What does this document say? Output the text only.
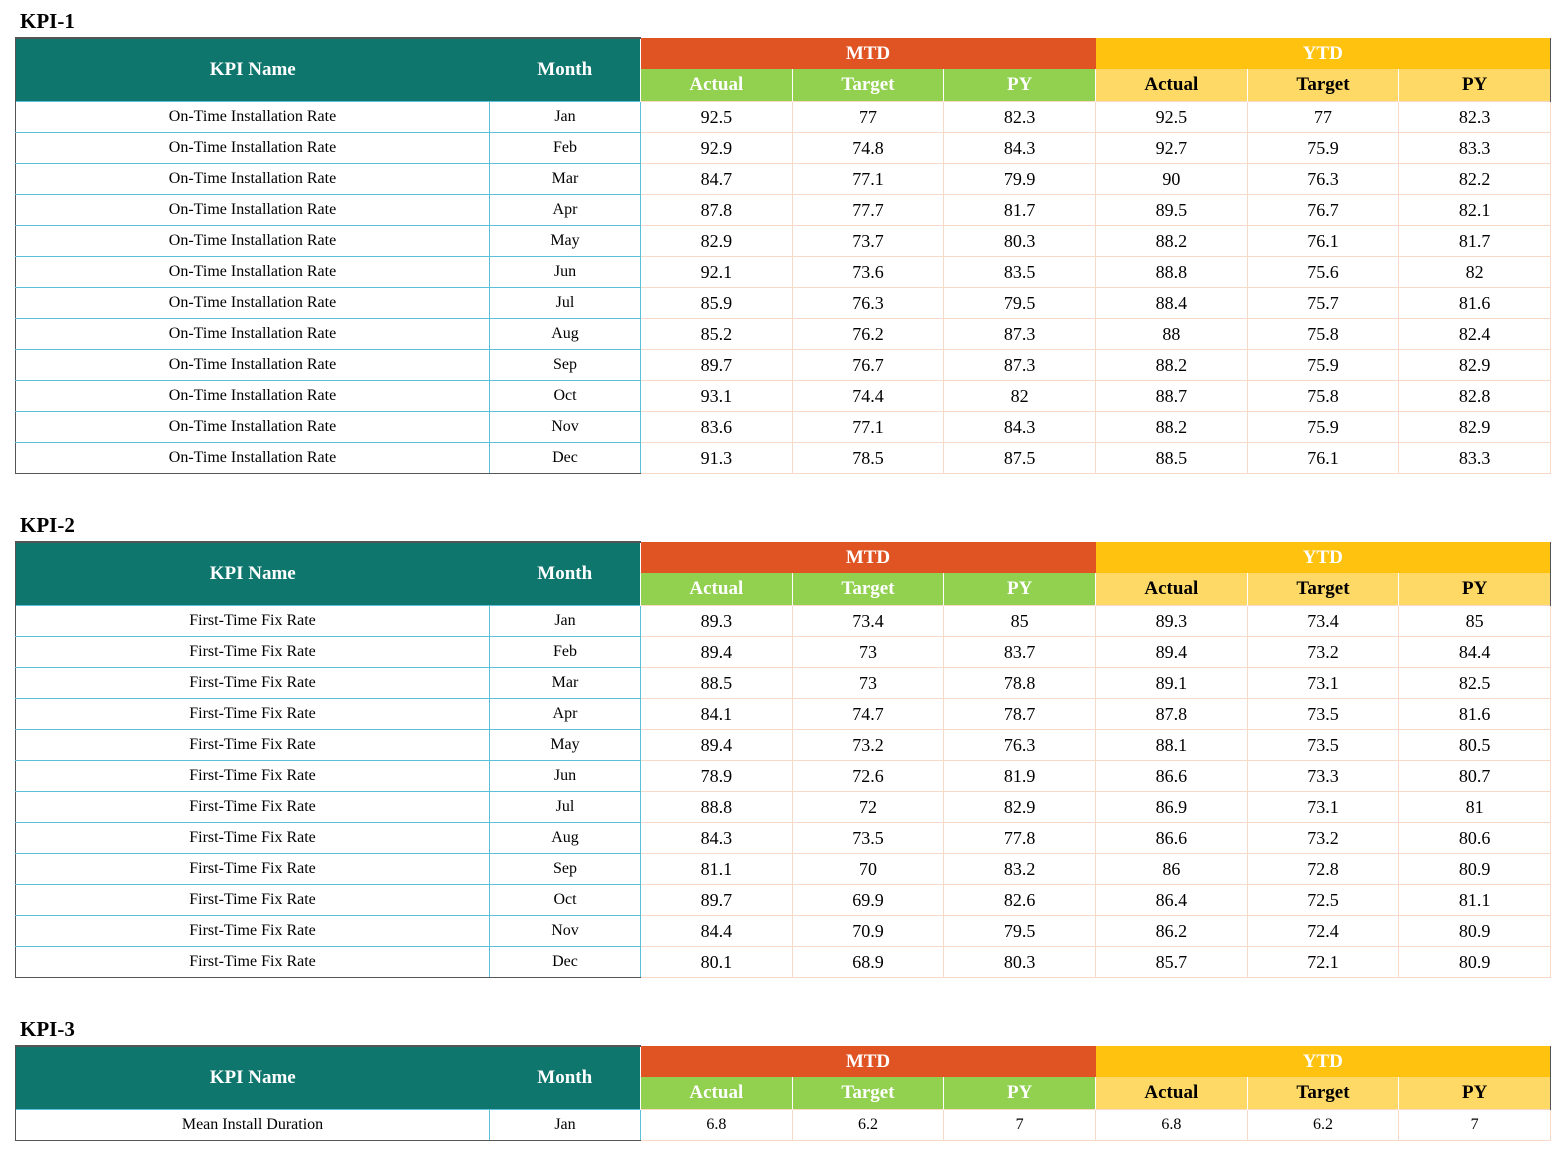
KPI-1
KPI Name	Month	MTD			YTD		
		Actual	Target	PY	Actual	Target	PY
On-Time Installation Rate	Jan	92.5	77	82.3	92.5	77	82.3
On-Time Installation Rate	Feb	92.9	74.8	84.3	92.7	75.9	83.3
On-Time Installation Rate	Mar	84.7	77.1	79.9	90	76.3	82.2
On-Time Installation Rate	Apr	87.8	77.7	81.7	89.5	76.7	82.1
On-Time Installation Rate	May	82.9	73.7	80.3	88.2	76.1	81.7
On-Time Installation Rate	Jun	92.1	73.6	83.5	88.8	75.6	82
On-Time Installation Rate	Jul	85.9	76.3	79.5	88.4	75.7	81.6
On-Time Installation Rate	Aug	85.2	76.2	87.3	88	75.8	82.4
On-Time Installation Rate	Sep	89.7	76.7	87.3	88.2	75.9	82.9
On-Time Installation Rate	Oct	93.1	74.4	82	88.7	75.8	82.8
On-Time Installation Rate	Nov	83.6	77.1	84.3	88.2	75.9	82.9
On-Time Installation Rate	Dec	91.3	78.5	87.5	88.5	76.1	83.3
KPI-2
KPI Name	Month	MTD			YTD		
		Actual	Target	PY	Actual	Target	PY
First-Time Fix Rate	Jan	89.3	73.4	85	89.3	73.4	85
First-Time Fix Rate	Feb	89.4	73	83.7	89.4	73.2	84.4
First-Time Fix Rate	Mar	88.5	73	78.8	89.1	73.1	82.5
First-Time Fix Rate	Apr	84.1	74.7	78.7	87.8	73.5	81.6
First-Time Fix Rate	May	89.4	73.2	76.3	88.1	73.5	80.5
First-Time Fix Rate	Jun	78.9	72.6	81.9	86.6	73.3	80.7
First-Time Fix Rate	Jul	88.8	72	82.9	86.9	73.1	81
First-Time Fix Rate	Aug	84.3	73.5	77.8	86.6	73.2	80.6
First-Time Fix Rate	Sep	81.1	70	83.2	86	72.8	80.9
First-Time Fix Rate	Oct	89.7	69.9	82.6	86.4	72.5	81.1
First-Time Fix Rate	Nov	84.4	70.9	79.5	86.2	72.4	80.9
First-Time Fix Rate	Dec	80.1	68.9	80.3	85.7	72.1	80.9
KPI-3
KPI Name	Month	MTD			YTD		
		Actual	Target	PY	Actual	Target	PY
Mean Install Duration	Jan	6.8	6.2	7	6.8	6.2	7
